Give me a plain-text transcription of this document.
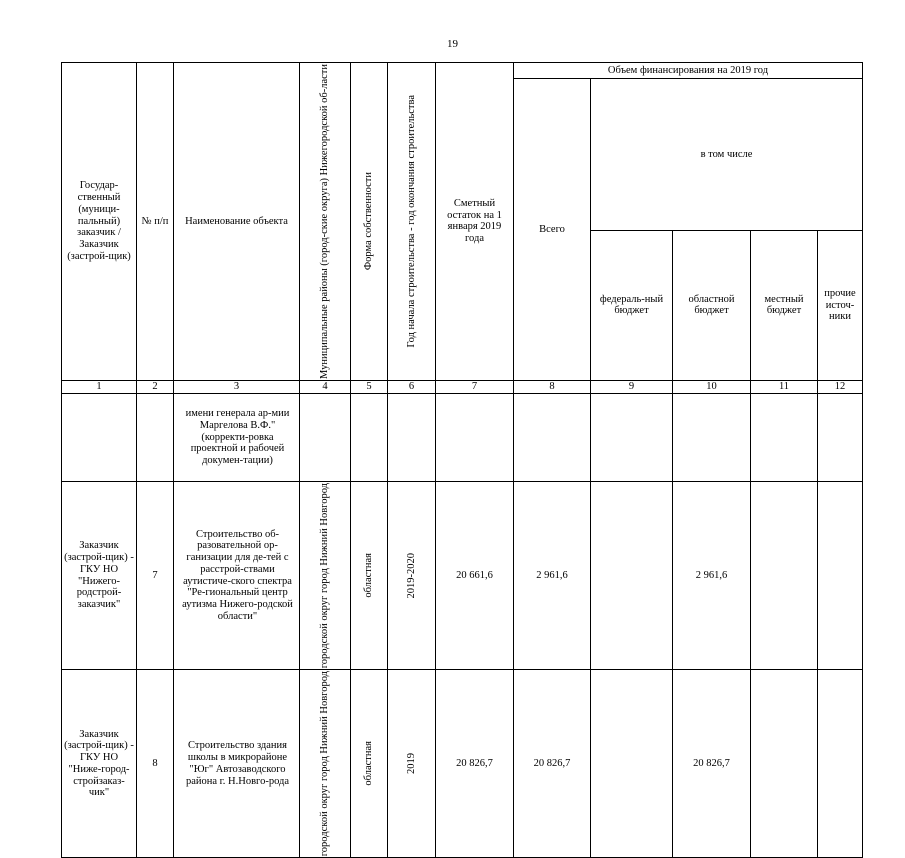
19
Государ-ственный (муници-пальный) заказчик / Заказчик (застрой-щик)	№ п/п	Наименование объекта	Муниципальные районы (город-ские округа) Нижегородской об-ласти	Форма собственности	Год начала строительства - год окончания строительства	Сметный остаток на 1 января 2019 года	Объем финансирования на 2019 год				
							Всего	в том числе			
								федераль-ный бюджет	областной бюджет	местный бюджет	прочие источ-ники
1	2	3	4	5	6	7	8	9	10	11	12
		имени генерала ар-мии Маргелова В.Ф." (корректи-ровка проектной и рабочей докумен-тации)	

Заказчик (застрой-щик) - ГКУ НО "Нижего-родстрой-заказчик"	7	Строительство об-разовательной ор-ганизации для де-тей с расстрой-ствами аутистиче-ского спектра "Ре-гиональный центр аутизма Нижего-родской области"	городской округ город Нижний Новгород	областная	2019-2020	20 661,6	2 961,6		2 961,6		
Заказчик (застрой-щик) - ГКУ НО "Ниже-город-стройзаказ-чик"	8	Строительство здания школы в микрорайоне "Юг" Автозаводского района г. Н.Новго-рода	городской округ город Нижний Новгород	областная	2019	20 826,7	20 826,7		20 826,7		
